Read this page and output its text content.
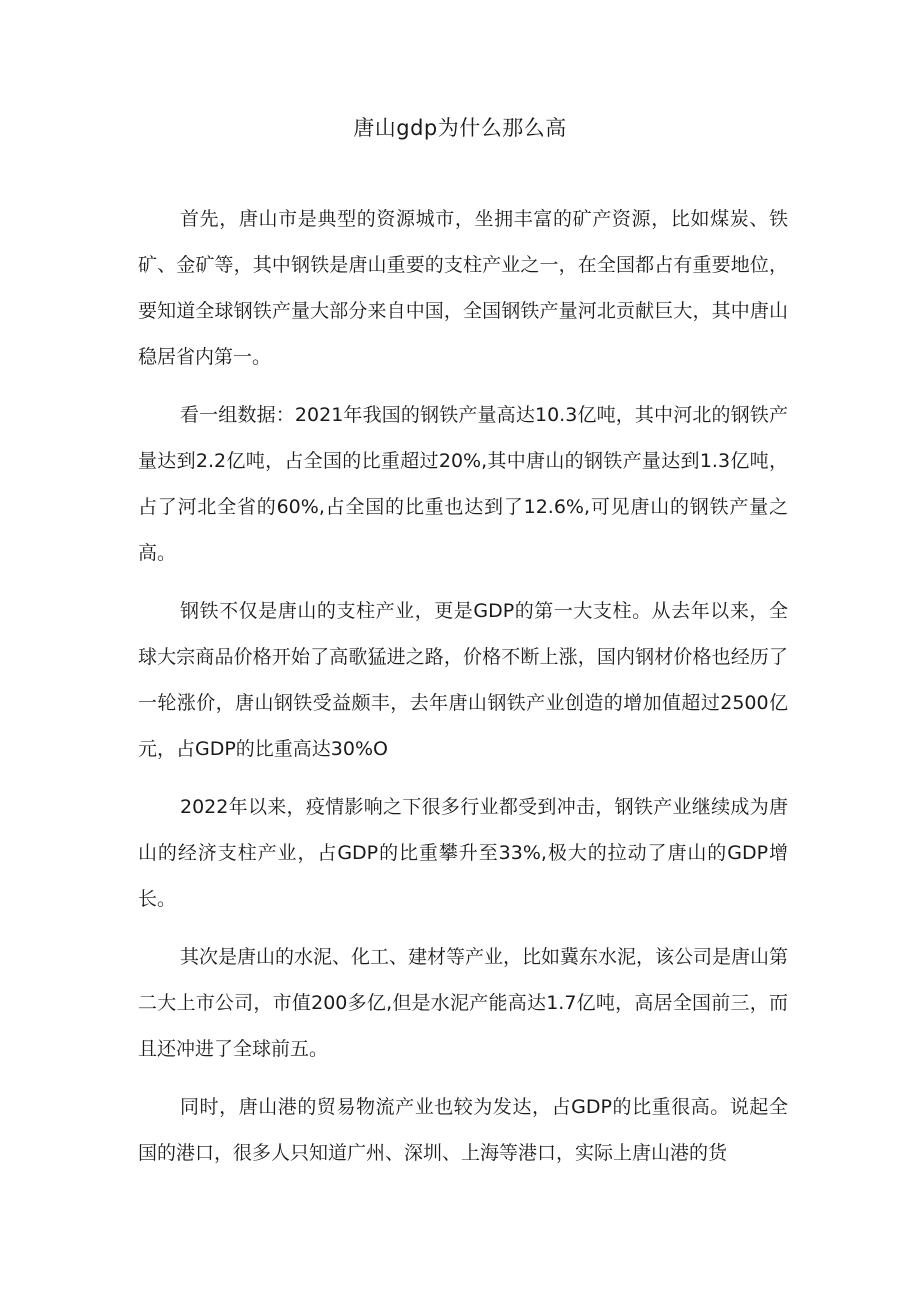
唐山gdp为什么那么高

首先，唐山市是典型的资源城市，坐拥丰富的矿产资源，比如煤炭、铁矿、金矿等，其中钢铁是唐山重要的支柱产业之一，在全国都占有重要地位，要知道全球钢铁产量大部分来自中国，全国钢铁产量河北贡献巨大，其中唐山稳居省内第一。

看一组数据：2021年我国的钢铁产量高达10.3亿吨，其中河北的钢铁产量达到2.2亿吨，占全国的比重超过20%,其中唐山的钢铁产量达到1.3亿吨，占了河北全省的60%,占全国的比重也达到了12.6%,可见唐山的钢铁产量之高。

钢铁不仅是唐山的支柱产业，更是GDP的第一大支柱。从去年以来，全球大宗商品价格开始了高歌猛进之路，价格不断上涨，国内钢材价格也经历了一轮涨价，唐山钢铁受益颇丰，去年唐山钢铁产业创造的增加值超过2500亿元，占GDP的比重高达30%O

2022年以来，疫情影响之下很多行业都受到冲击，钢铁产业继续成为唐山的经济支柱产业，占GDP的比重攀升至33%,极大的拉动了唐山的GDP增长。

其次是唐山的水泥、化工、建材等产业，比如冀东水泥，该公司是唐山第二大上市公司，市值200多亿,但是水泥产能高达1.7亿吨，高居全国前三，而且还冲进了全球前五。

同时，唐山港的贸易物流产业也较为发达，占GDP的比重很高。说起全国的港口，很多人只知道广州、深圳、上海等港口，实际上唐山港的货
